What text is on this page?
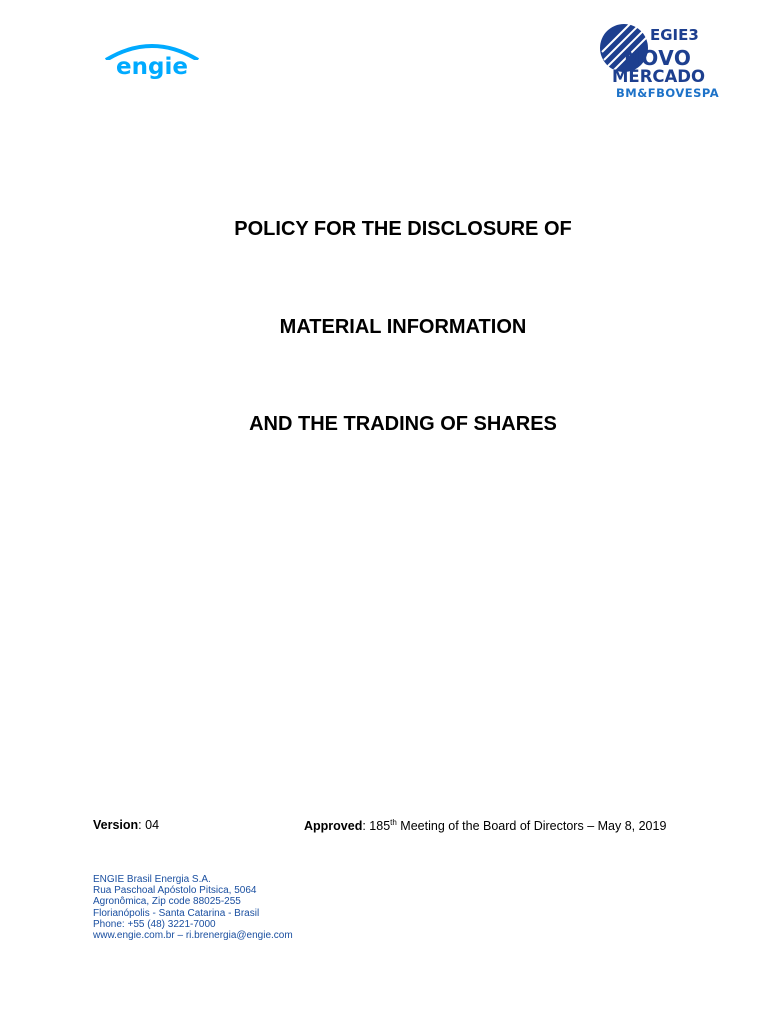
engie
EGIE3
NOVO
MERCADO
BM&FBOVESPA
POLICY FOR THE DISCLOSURE OF
MATERIAL INFORMATION
AND THE TRADING OF SHARES
Version: 04	Approved: 185th Meeting of the Board of Directors – May 8, 2019
ENGIE Brasil Energia S.A.
Rua Paschoal Apóstolo Pitsica, 5064
Agronômica, Zip code 88025-255
Florianópolis - Santa Catarina - Brasil
Phone: +55 (48) 3221-7000
www.engie.com.br – ri.brenergia@engie.com
